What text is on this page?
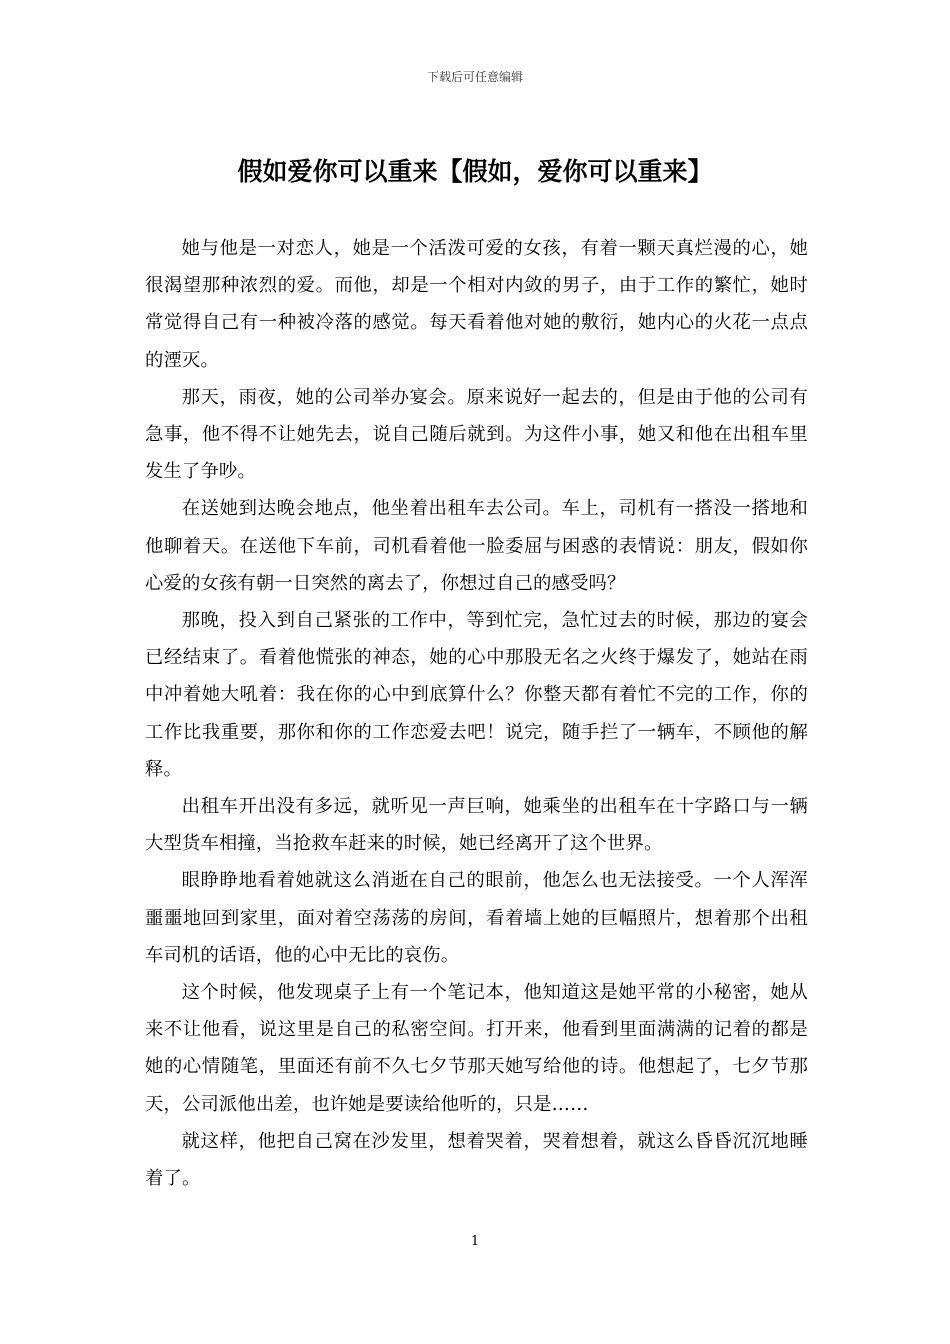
下载后可任意编辑
假如爱你可以重来【假如，爱你可以重来】

她与他是一对恋人，她是一个活泼可爱的女孩，有着一颗天真烂漫的心，她很渴望那种浓烈的爱。而他，却是一个相对内敛的男子，由于工作的繁忙，她时常觉得自己有一种被冷落的感觉。每天看着他对她的敷衍，她内心的火花一点点的湮灭。

那天，雨夜，她的公司举办宴会。原来说好一起去的，但是由于他的公司有急事，他不得不让她先去，说自己随后就到。为这件小事，她又和他在出租车里发生了争吵。

在送她到达晚会地点，他坐着出租车去公司。车上，司机有一搭没一搭地和他聊着天。在送他下车前，司机看着他一脸委屈与困惑的表情说：朋友，假如你心爱的女孩有朝一日突然的离去了，你想过自己的感受吗？

那晚，投入到自己紧张的工作中，等到忙完，急忙过去的时候，那边的宴会已经结束了。看着他慌张的神态，她的心中那股无名之火终于爆发了，她站在雨中冲着她大吼着：我在你的心中到底算什么？你整天都有着忙不完的工作，你的工作比我重要，那你和你的工作恋爱去吧！说完，随手拦了一辆车，不顾他的解释。

出租车开出没有多远，就听见一声巨响，她乘坐的出租车在十字路口与一辆大型货车相撞，当抢救车赶来的时候，她已经离开了这个世界。

眼睁睁地看着她就这么消逝在自己的眼前，他怎么也无法接受。一个人浑浑噩噩地回到家里，面对着空荡荡的房间，看着墙上她的巨幅照片，想着那个出租车司机的话语，他的心中无比的哀伤。

这个时候，他发现桌子上有一个笔记本，他知道这是她平常的小秘密，她从来不让他看，说这里是自己的私密空间。打开来，他看到里面满满的记着的都是她的心情随笔，里面还有前不久七夕节那天她写给他的诗。他想起了，七夕节那天，公司派他出差，也许她是要读给他听的，只是……

就这样，他把自己窝在沙发里，想着哭着，哭着想着，就这么昏昏沉沉地睡着了。

1
